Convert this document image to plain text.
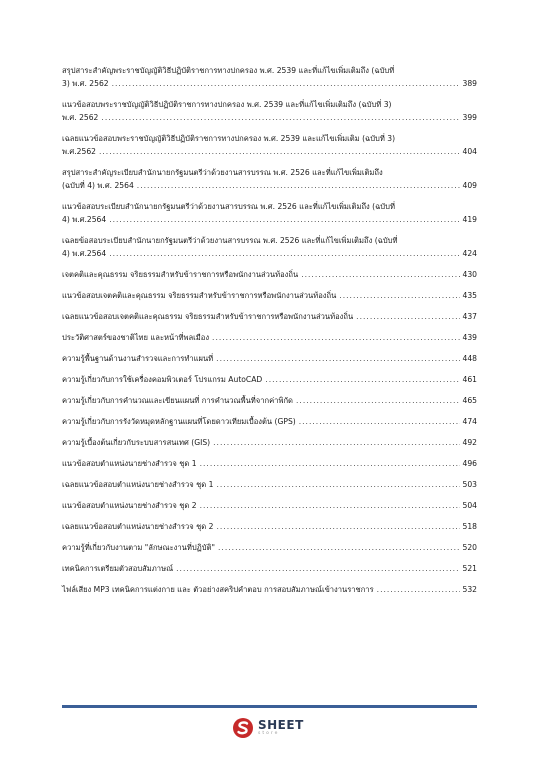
สรุปสาระสำคัญพระราชบัญญัติวิธีปฏิบัติราชการทางปกครอง พ.ศ. 2539 และที่แก้ไขเพิ่มเติมถึง (ฉบับที่
3) พ.ศ. 2562 .....	389
แนวข้อสอบพระราชบัญญัติวิธีปฏิบัติราชการทางปกครอง พ.ศ. 2539 และที่แก้ไขเพิ่มเติมถึง (ฉบับที่ 3)
พ.ศ. 2562 .....	399
เฉลยแนวข้อสอบพระราชบัญญัติวิธีปฏิบัติราชการทางปกครอง พ.ศ. 2539 และแก้ไขเพิ่มเติม (ฉบับที่ 3)
พ.ศ.2562 .....	404
สรุปสาระสำคัญระเบียบสำนักนายกรัฐมนตรีว่าด้วยงานสารบรรณ พ.ศ. 2526 และที่แก้ไขเพิ่มเติมถึง
(ฉบับที่ 4) พ.ศ. 2564 .....	409
แนวข้อสอบระเบียบสำนักนายกรัฐมนตรีว่าด้วยงานสารบรรณ พ.ศ. 2526 และที่แก้ไขเพิ่มเติมถึง (ฉบับที่
4) พ.ศ.2564 .....	419
เฉลยข้อสอบระเบียบสำนักนายกรัฐมนตรีว่าด้วยงานสารบรรณ พ.ศ. 2526 และที่แก้ไขเพิ่มเติมถึง (ฉบับที่
4) พ.ศ.2564 .....	424
เจตคติและคุณธรรม จริยธรรมสำหรับข้าราชการหรือพนักงานส่วนท้องถิ่น .....	430
แนวข้อสอบเจตคติและคุณธรรม จริยธรรมสำหรับข้าราชการหรือพนักงานส่วนท้องถิ่น .....	435
เฉลยแนวข้อสอบเจตคติและคุณธรรม จริยธรรมสำหรับข้าราชการหรือพนักงานส่วนท้องถิ่น .....	437
ประวัติศาสตร์ของชาติไทย และหน้าที่พลเมือง .....	439
ความรู้พื้นฐานด้านงานสำรวจและการทำแผนที่ .....	448
ความรู้เกี่ยวกับการใช้เครื่องคอมพิวเตอร์ โปรแกรม AutoCAD .....	461
ความรู้เกี่ยวกับการคำนวณและเขียนแผนที่ การคำนวณพื้นที่จากค่าพิกัด .....	465
ความรู้เกี่ยวกับการรังวัดหมุดหลักฐานแผนที่โดยดาวเทียมเบื้องต้น (GPS) .....	474
ความรู้เบื้องต้นเกี่ยวกับระบบสารสนเทศ (GIS) .....	492
แนวข้อสอบตำแหน่งนายช่างสำรวจ ชุด 1 .....	496
เฉลยแนวข้อสอบตำแหน่งนายช่างสำรวจ ชุด 1 .....	503
แนวข้อสอบตำแหน่งนายช่างสำรวจ ชุด 2 .....	504
เฉลยแนวข้อสอบตำแหน่งนายช่างสำรวจ ชุด 2 .....	518
ความรู้ที่เกี่ยวกับงานตาม "ลักษณะงานที่ปฏิบัติ" .....	520
เทคนิคการเตรียมตัวสอบสัมภาษณ์ .....	521
ไฟล์เสียง MP3 เทคนิคการแต่งกาย และ ตัวอย่างสคริปคำตอบ การสอบสัมภาษณ์เข้างานราชการ .....	532
SHEET
store
